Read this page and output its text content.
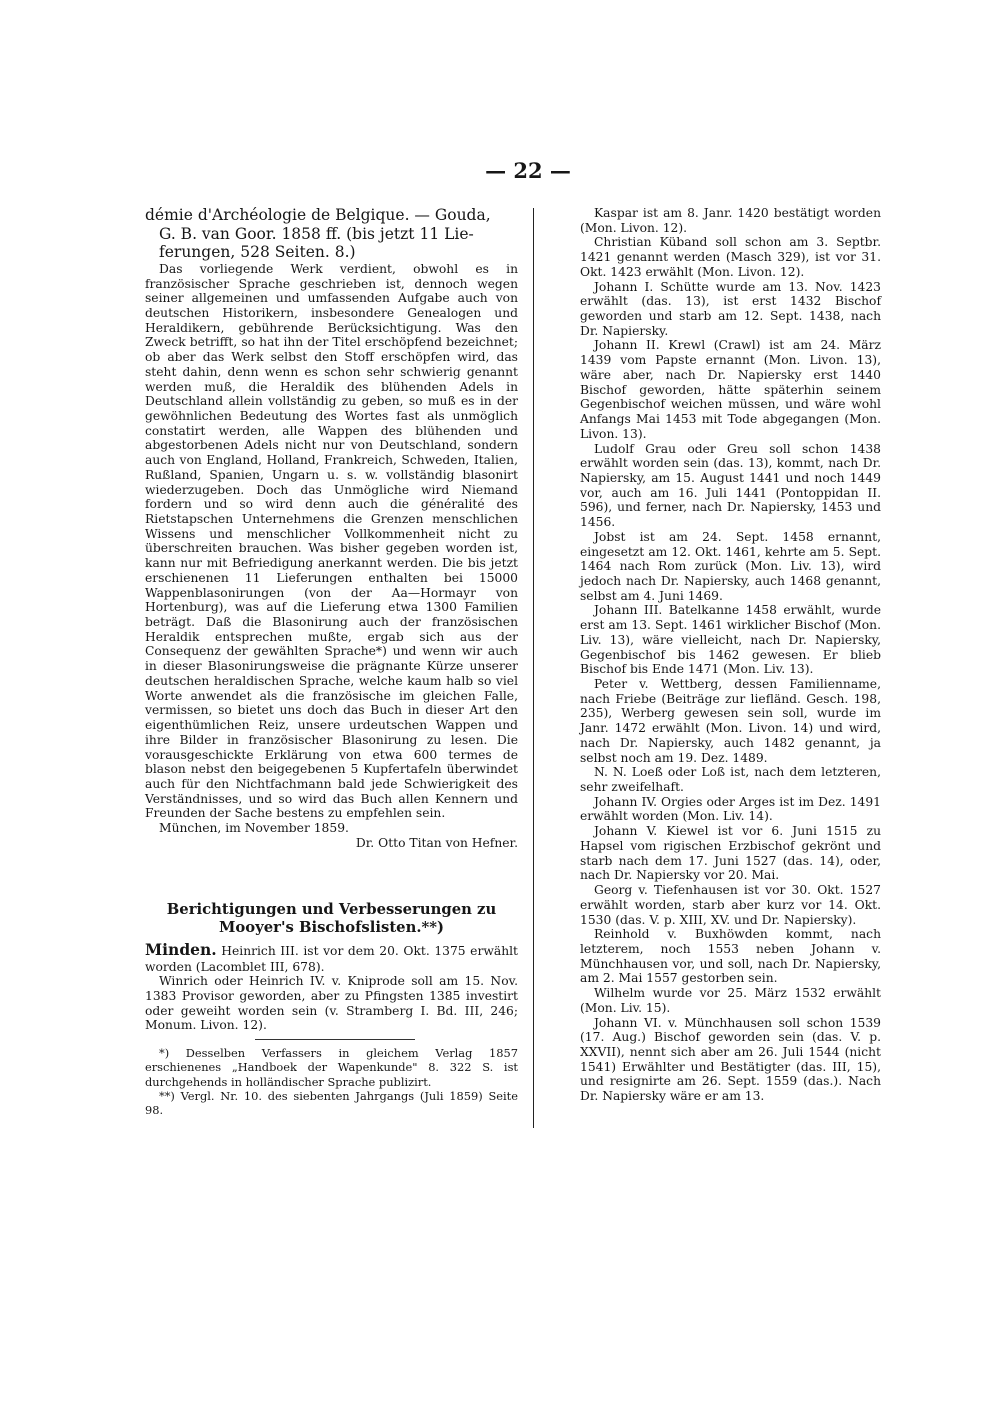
— 22 —

démie d'Archéologie de Belgique. — Gouda,
G. B. van Goor. 1858 ff. (bis jetzt 11 Lie-
ferungen, 528 Seiten. 8.)

Das vorliegende Werk verdient, obwohl es in französischer Sprache geschrieben ist, dennoch wegen seiner allgemeinen und umfassenden Aufgabe auch von deutschen Historikern, insbesondere Genealogen und Heraldikern, gebührende Berücksichtigung. Was den Zweck betrifft, so hat ihn der Titel erschöpfend bezeichnet; ob aber das Werk selbst den Stoff erschöpfen wird, das steht dahin, denn wenn es schon sehr schwierig genannt werden muß, die Heraldik des blühenden Adels in Deutschland allein vollständig zu geben, so muß es in der gewöhnlichen Bedeutung des Wortes fast als unmöglich constatirt werden, alle Wappen des blühenden und abgestorbenen Adels nicht nur von Deutschland, sondern auch von England, Holland, Frankreich, Schweden, Italien, Rußland, Spanien, Ungarn u. s. w. vollständig blasonirt wiederzugeben. Doch das Unmögliche wird Niemand fordern und so wird denn auch die généralité des Rietstapschen Unternehmens die Grenzen menschlichen Wissens und menschlicher Vollkommenheit nicht zu überschreiten brauchen. Was bisher gegeben worden ist, kann nur mit Befriedigung anerkannt werden. Die bis jetzt erschienenen 11 Lieferungen enthalten bei 15000 Wappenblasonirungen (von der Aa—Hormayr von Hortenburg), was auf die Lieferung etwa 1300 Familien beträgt. Daß die Blasonirung auch der französischen Heraldik entsprechen mußte, ergab sich aus der Consequenz der gewählten Sprache*) und wenn wir auch in dieser Blasonirungsweise die prägnante Kürze unserer deutschen heraldischen Sprache, welche kaum halb so viel Worte anwendet als die französische im gleichen Falle, vermissen, so bietet uns doch das Buch in dieser Art den eigenthümlichen Reiz, unsere urdeutschen Wappen und ihre Bilder in französischer Blasonirung zu lesen. Die vorausgeschickte Erklärung von etwa 600 termes de blason nebst den beigegebenen 5 Kupfertafeln überwindet auch für den Nichtfachmann bald jede Schwierigkeit des Verständnisses, und so wird das Buch allen Kennern und Freunden der Sache bestens zu empfehlen sein.

München, im November 1859.

Dr. Otto Titan von Hefner.

Berichtigungen und Verbesserungen zu
Mooyer's Bischofslisten.**)

Minden. Heinrich III. ist vor dem 20. Okt. 1375 erwählt worden (Lacomblet III, 678).

Winrich oder Heinrich IV. v. Kniprode soll am 15. Nov. 1383 Provisor geworden, aber zu Pfingsten 1385 investirt oder geweiht worden sein (v. Stramberg I. Bd. III, 246; Monum. Livon. 12).

*) Desselben Verfassers in gleichem Verlag 1857 erschienenes „Handboek der Wapenkunde" 8. 322 S. ist durchgehends in holländischer Sprache publizirt.

**) Vergl. Nr. 10. des siebenten Jahrgangs (Juli 1859) Seite 98.

Kaspar ist am 8. Janr. 1420 bestätigt worden (Mon. Livon. 12).

Christian Küband soll schon am 3. Septbr. 1421 genannt werden (Masch 329), ist vor 31. Okt. 1423 erwählt (Mon. Livon. 12).

Johann I. Schütte wurde am 13. Nov. 1423 erwählt (das. 13), ist erst 1432 Bischof geworden und starb am 12. Sept. 1438, nach Dr. Napiersky.

Johann II. Krewl (Crawl) ist am 24. März 1439 vom Papste ernannt (Mon. Livon. 13), wäre aber, nach Dr. Napiersky erst 1440 Bischof geworden, hätte späterhin seinem Gegenbischof weichen müssen, und wäre wohl Anfangs Mai 1453 mit Tode abgegangen (Mon. Livon. 13).

Ludolf Grau oder Greu soll schon 1438 erwählt worden sein (das. 13), kommt, nach Dr. Napiersky, am 15. August 1441 und noch 1449 vor, auch am 16. Juli 1441 (Pontoppidan II. 596), und ferner, nach Dr. Napiersky, 1453 und 1456.

Jobst ist am 24. Sept. 1458 ernannt, eingesetzt am 12. Okt. 1461, kehrte am 5. Sept. 1464 nach Rom zurück (Mon. Liv. 13), wird jedoch nach Dr. Napiersky, auch 1468 genannt, selbst am 4. Juni 1469.

Johann III. Batelkanne 1458 erwählt, wurde erst am 13. Sept. 1461 wirklicher Bischof (Mon. Liv. 13), wäre vielleicht, nach Dr. Napiersky, Gegenbischof bis 1462 gewesen. Er blieb Bischof bis Ende 1471 (Mon. Liv. 13).

Peter v. Wettberg, dessen Familienname, nach Friebe (Beiträge zur liefländ. Gesch. 198, 235), Werberg gewesen sein soll, wurde im Janr. 1472 erwählt (Mon. Livon. 14) und wird, nach Dr. Napiersky, auch 1482 genannt, ja selbst noch am 19. Dez. 1489.

N. N. Loeß oder Loß ist, nach dem letzteren, sehr zweifelhaft.

Johann IV. Orgies oder Arges ist im Dez. 1491 erwählt worden (Mon. Liv. 14).

Johann V. Kiewel ist vor 6. Juni 1515 zu Hapsel vom rigischen Erzbischof gekrönt und starb nach dem 17. Juni 1527 (das. 14), oder, nach Dr. Napiersky vor 20. Mai.

Georg v. Tiefenhausen ist vor 30. Okt. 1527 erwählt worden, starb aber kurz vor 14. Okt. 1530 (das. V. p. XIII, XV. und Dr. Napiersky).

Reinhold v. Buxhöwden kommt, nach letzterem, noch 1553 neben Johann v. Münchhausen vor, und soll, nach Dr. Napiersky, am 2. Mai 1557 gestorben sein.

Wilhelm wurde vor 25. März 1532 erwählt (Mon. Liv. 15).

Johann VI. v. Münchhausen soll schon 1539 (17. Aug.) Bischof geworden sein (das. V. p. XXVII), nennt sich aber am 26. Juli 1544 (nicht 1541) Erwählter und Bestätigter (das. III, 15), und resignirte am 26. Sept. 1559 (das.). Nach Dr. Napiersky wäre er am 13.
